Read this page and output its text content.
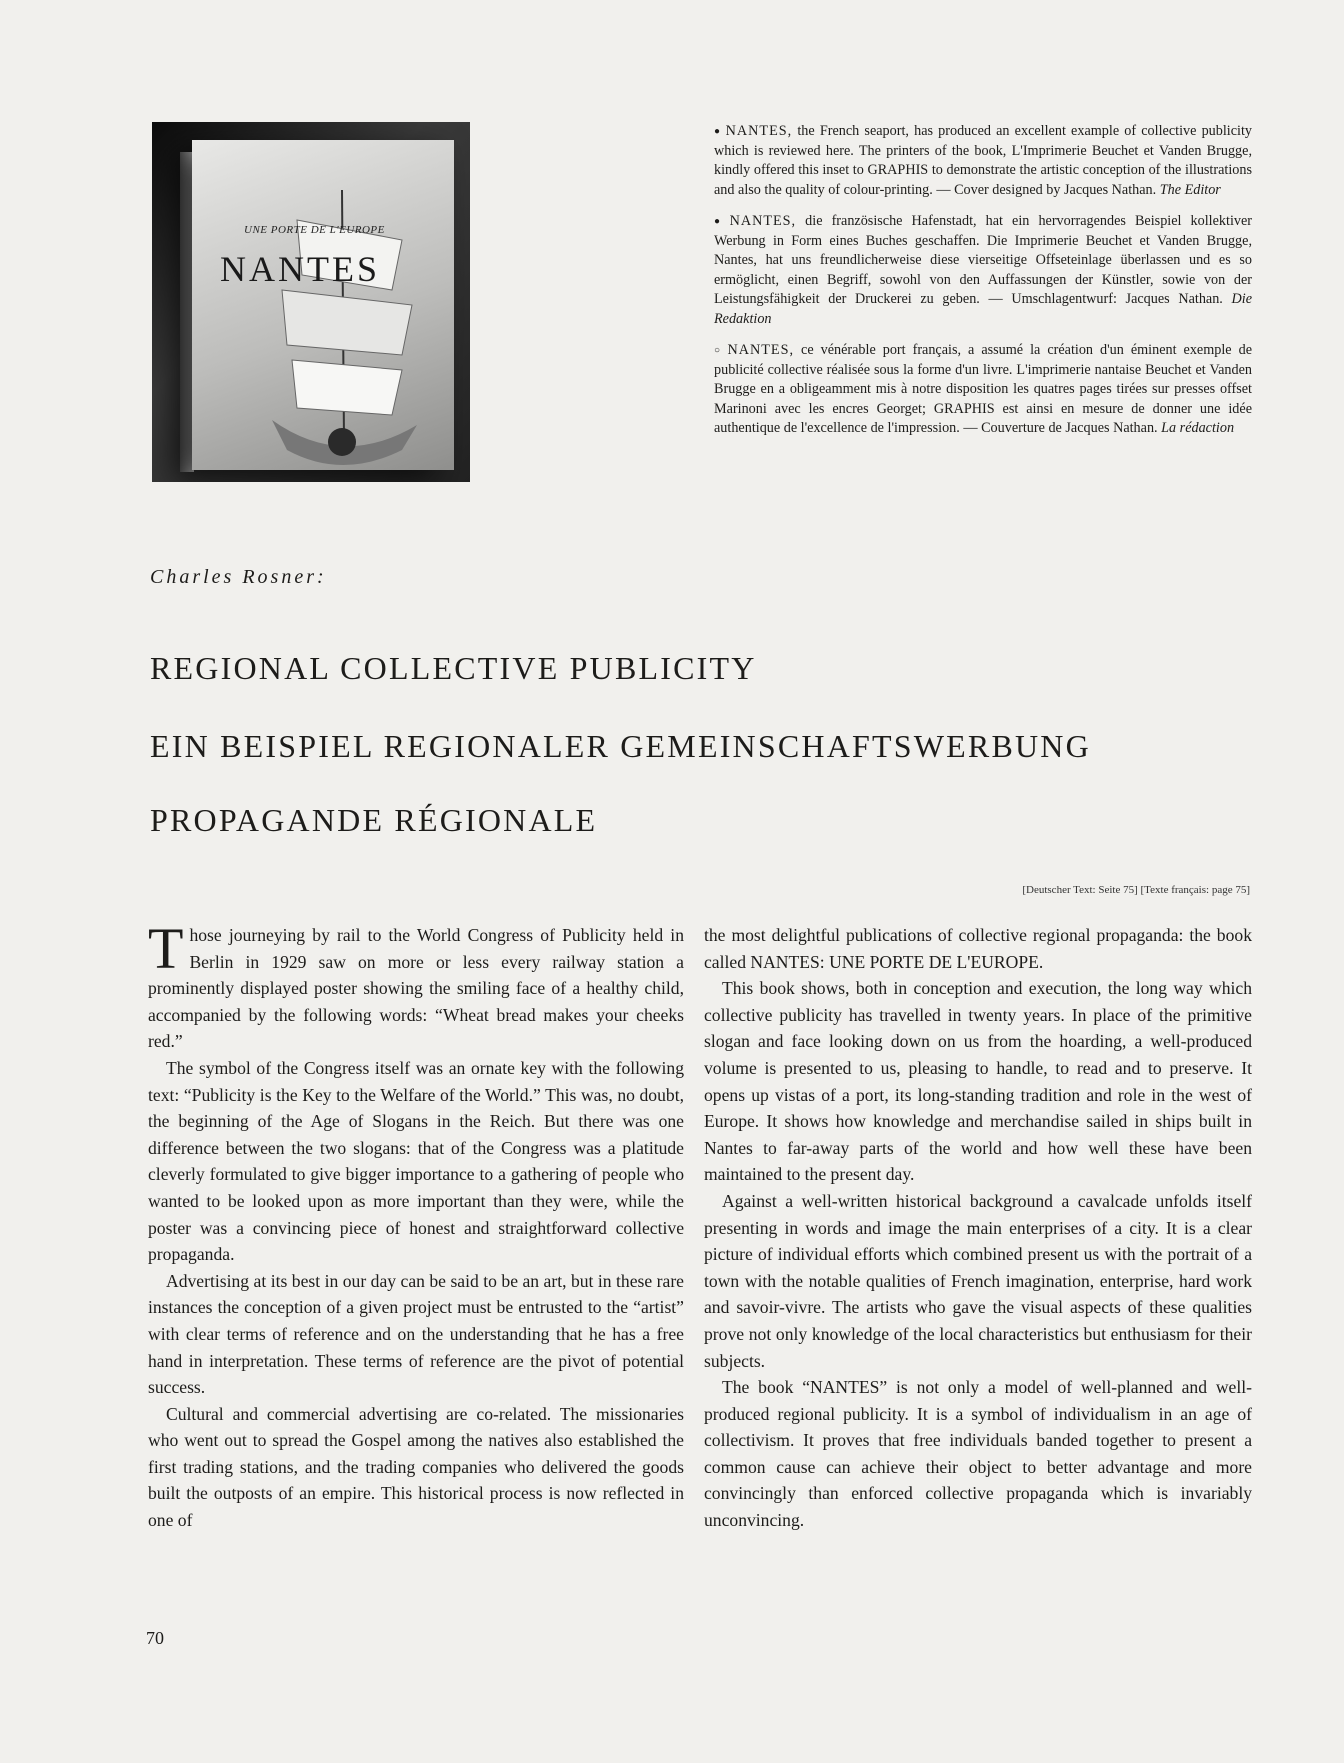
UNE PORTE DE L'EUROPE
NANTES

● NANTES, the French seaport, has produced an excellent example of collective publicity which is reviewed here. The printers of the book, L'Imprimerie Beuchet et Vanden Brugge, kindly offered this inset to GRAPHIS to demonstrate the artistic conception of the illustrations and also the quality of colour-printing. — Cover designed by Jacques Nathan. The Editor

● NANTES, die französische Hafenstadt, hat ein hervorragendes Beispiel kollektiver Werbung in Form eines Buches geschaffen. Die Imprimerie Beuchet et Vanden Brugge, Nantes, hat uns freundlicherweise diese vierseitige Offseteinlage überlassen und es so ermöglicht, einen Begriff, sowohl von den Auffassungen der Künstler, sowie von der Leistungsfähigkeit der Druckerei zu geben. — Umschlagentwurf: Jacques Nathan. Die Redaktion

○ NANTES, ce vénérable port français, a assumé la création d'un éminent exemple de publicité collective réalisée sous la forme d'un livre. L'imprimerie nantaise Beuchet et Vanden Brugge en a obligeamment mis à notre disposition les quatres pages tirées sur presses offset Marinoni avec les encres Georget; GRAPHIS est ainsi en mesure de donner une idée authentique de l'excellence de l'impression. — Couverture de Jacques Nathan. La rédaction

Charles Rosner:
REGIONAL COLLECTIVE PUBLICITY
EIN BEISPIEL REGIONALER GEMEINSCHAFTSWERBUNG
PROPAGANDE RÉGIONALE
[Deutscher Text: Seite 75] [Texte français: page 75]

Those journeying by rail to the World Congress of Publicity held in Berlin in 1929 saw on more or less every railway station a prominently displayed poster showing the smiling face of a healthy child, accompanied by the following words: “Wheat bread makes your cheeks red.”

The symbol of the Congress itself was an ornate key with the following text: “Publicity is the Key to the Welfare of the World.” This was, no doubt, the beginning of the Age of Slogans in the Reich. But there was one difference between the two slogans: that of the Congress was a platitude cleverly formulated to give bigger importance to a gathering of people who wanted to be looked upon as more important than they were, while the poster was a convincing piece of honest and straightforward collective propaganda.

Advertising at its best in our day can be said to be an art, but in these rare instances the conception of a given project must be entrusted to the “artist” with clear terms of reference and on the understanding that he has a free hand in interpretation. These terms of reference are the pivot of potential success.

Cultural and commercial advertising are co-related. The missionaries who went out to spread the Gospel among the natives also established the first trading stations, and the trading companies who delivered the goods built the outposts of an empire. This historical process is now reflected in one of

the most delightful publications of collective regional propaganda: the book called NANTES: UNE PORTE DE L'EUROPE.

This book shows, both in conception and execution, the long way which collective publicity has travelled in twenty years. In place of the primitive slogan and face looking down on us from the hoarding, a well-produced volume is presented to us, pleasing to handle, to read and to preserve. It opens up vistas of a port, its long-standing tradition and role in the west of Europe. It shows how knowledge and merchandise sailed in ships built in Nantes to far-away parts of the world and how well these have been maintained to the present day.

Against a well-written historical background a cavalcade unfolds itself presenting in words and image the main enterprises of a city. It is a clear picture of individual efforts which combined present us with the portrait of a town with the notable qualities of French imagination, enterprise, hard work and savoir-vivre. The artists who gave the visual aspects of these qualities prove not only knowledge of the local characteristics but enthusiasm for their subjects.

The book “NANTES” is not only a model of well-planned and well-produced regional publicity. It is a symbol of individualism in an age of collectivism. It proves that free individuals banded together to present a common cause can achieve their object to better advantage and more convincingly than enforced collective propaganda which is invariably unconvincing.

70
